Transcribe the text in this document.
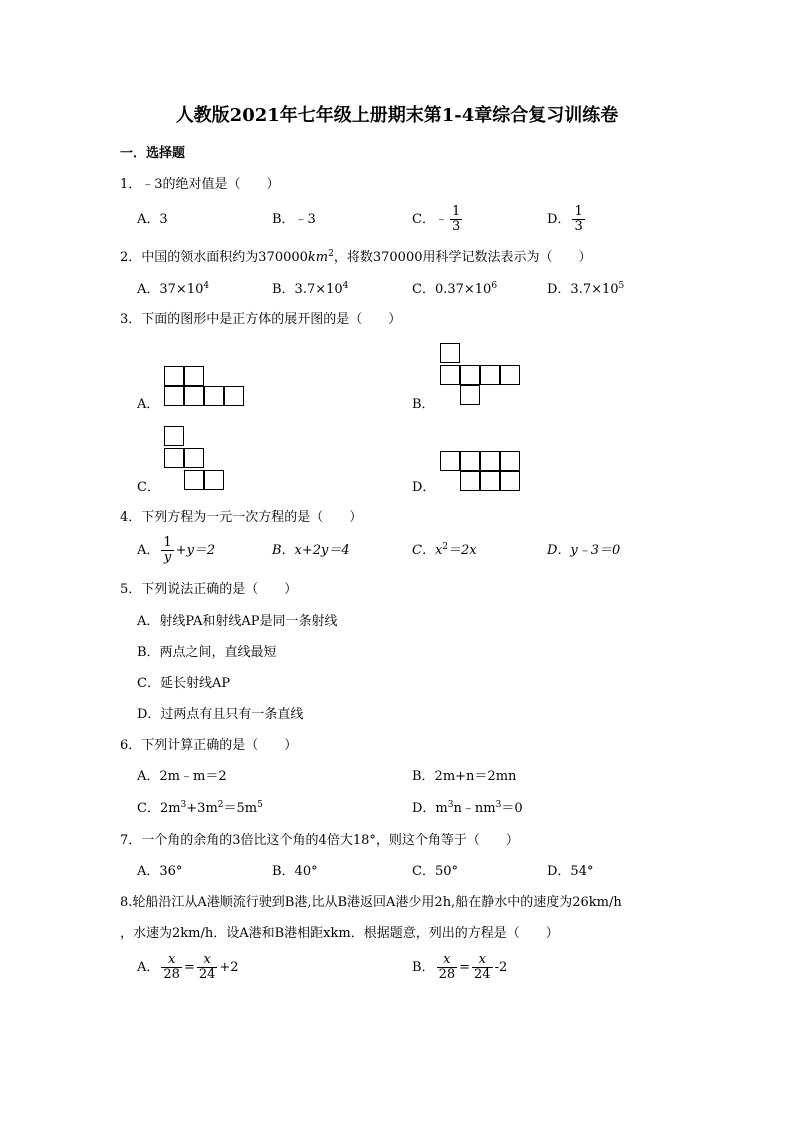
人教版2021年七年级上册期末第1-4章综合复习训练卷
一．选择题
1．﹣3的绝对值是（　　）
A．3	B．﹣3	C．﹣ $\frac{1}{3}$	D． $\frac{1}{3}$
2．中国的领水面积约为$370000km^2$，将数370000用科学记数法表示为（　　）
A．$37\times 10^4$	B．$3.7\times 10^4$	C．$0.37\times 10^6$	D．$3.7\times 10^5$
3．下面的图形中是正方体的展开图的是（　　）
A．	B．
C．	D．
4．下列方程为一元一次方程的是（　　）
A． $\frac{1}{y} +y=2$	B．x+2y＝4	C．$x^2=2x$	D．y﹣3＝0
5．下列说法正确的是（　　）
A．射线PA和射线AP是同一条射线
B．两点之间，直线最短
C．延长射线AP
D．过两点有且只有一条直线
6．下列计算正确的是（　　）
A．2m﹣m＝2	B．2m+n＝2mn
C．$2m^3+3m^2=5m^5$	D．$m^3n﹣nm^3=0$
7．一个角的余角的3倍比这个角的4倍大18°，则这个角等于（　　）
A．36°	B．40°	C．50°	D．54°
8.轮船沿江从A港顺流行驶到B港,比从B港返回A港少用2h,船在静水中的速度为26km/h
，水速为2km/h．设A港和B港相距xkm．根据题意，列出的方程是（　　）
A． $\frac{x}{28} = \frac{x}{24} +2$	B． $\frac{x}{28} = \frac{x}{24} -2$
